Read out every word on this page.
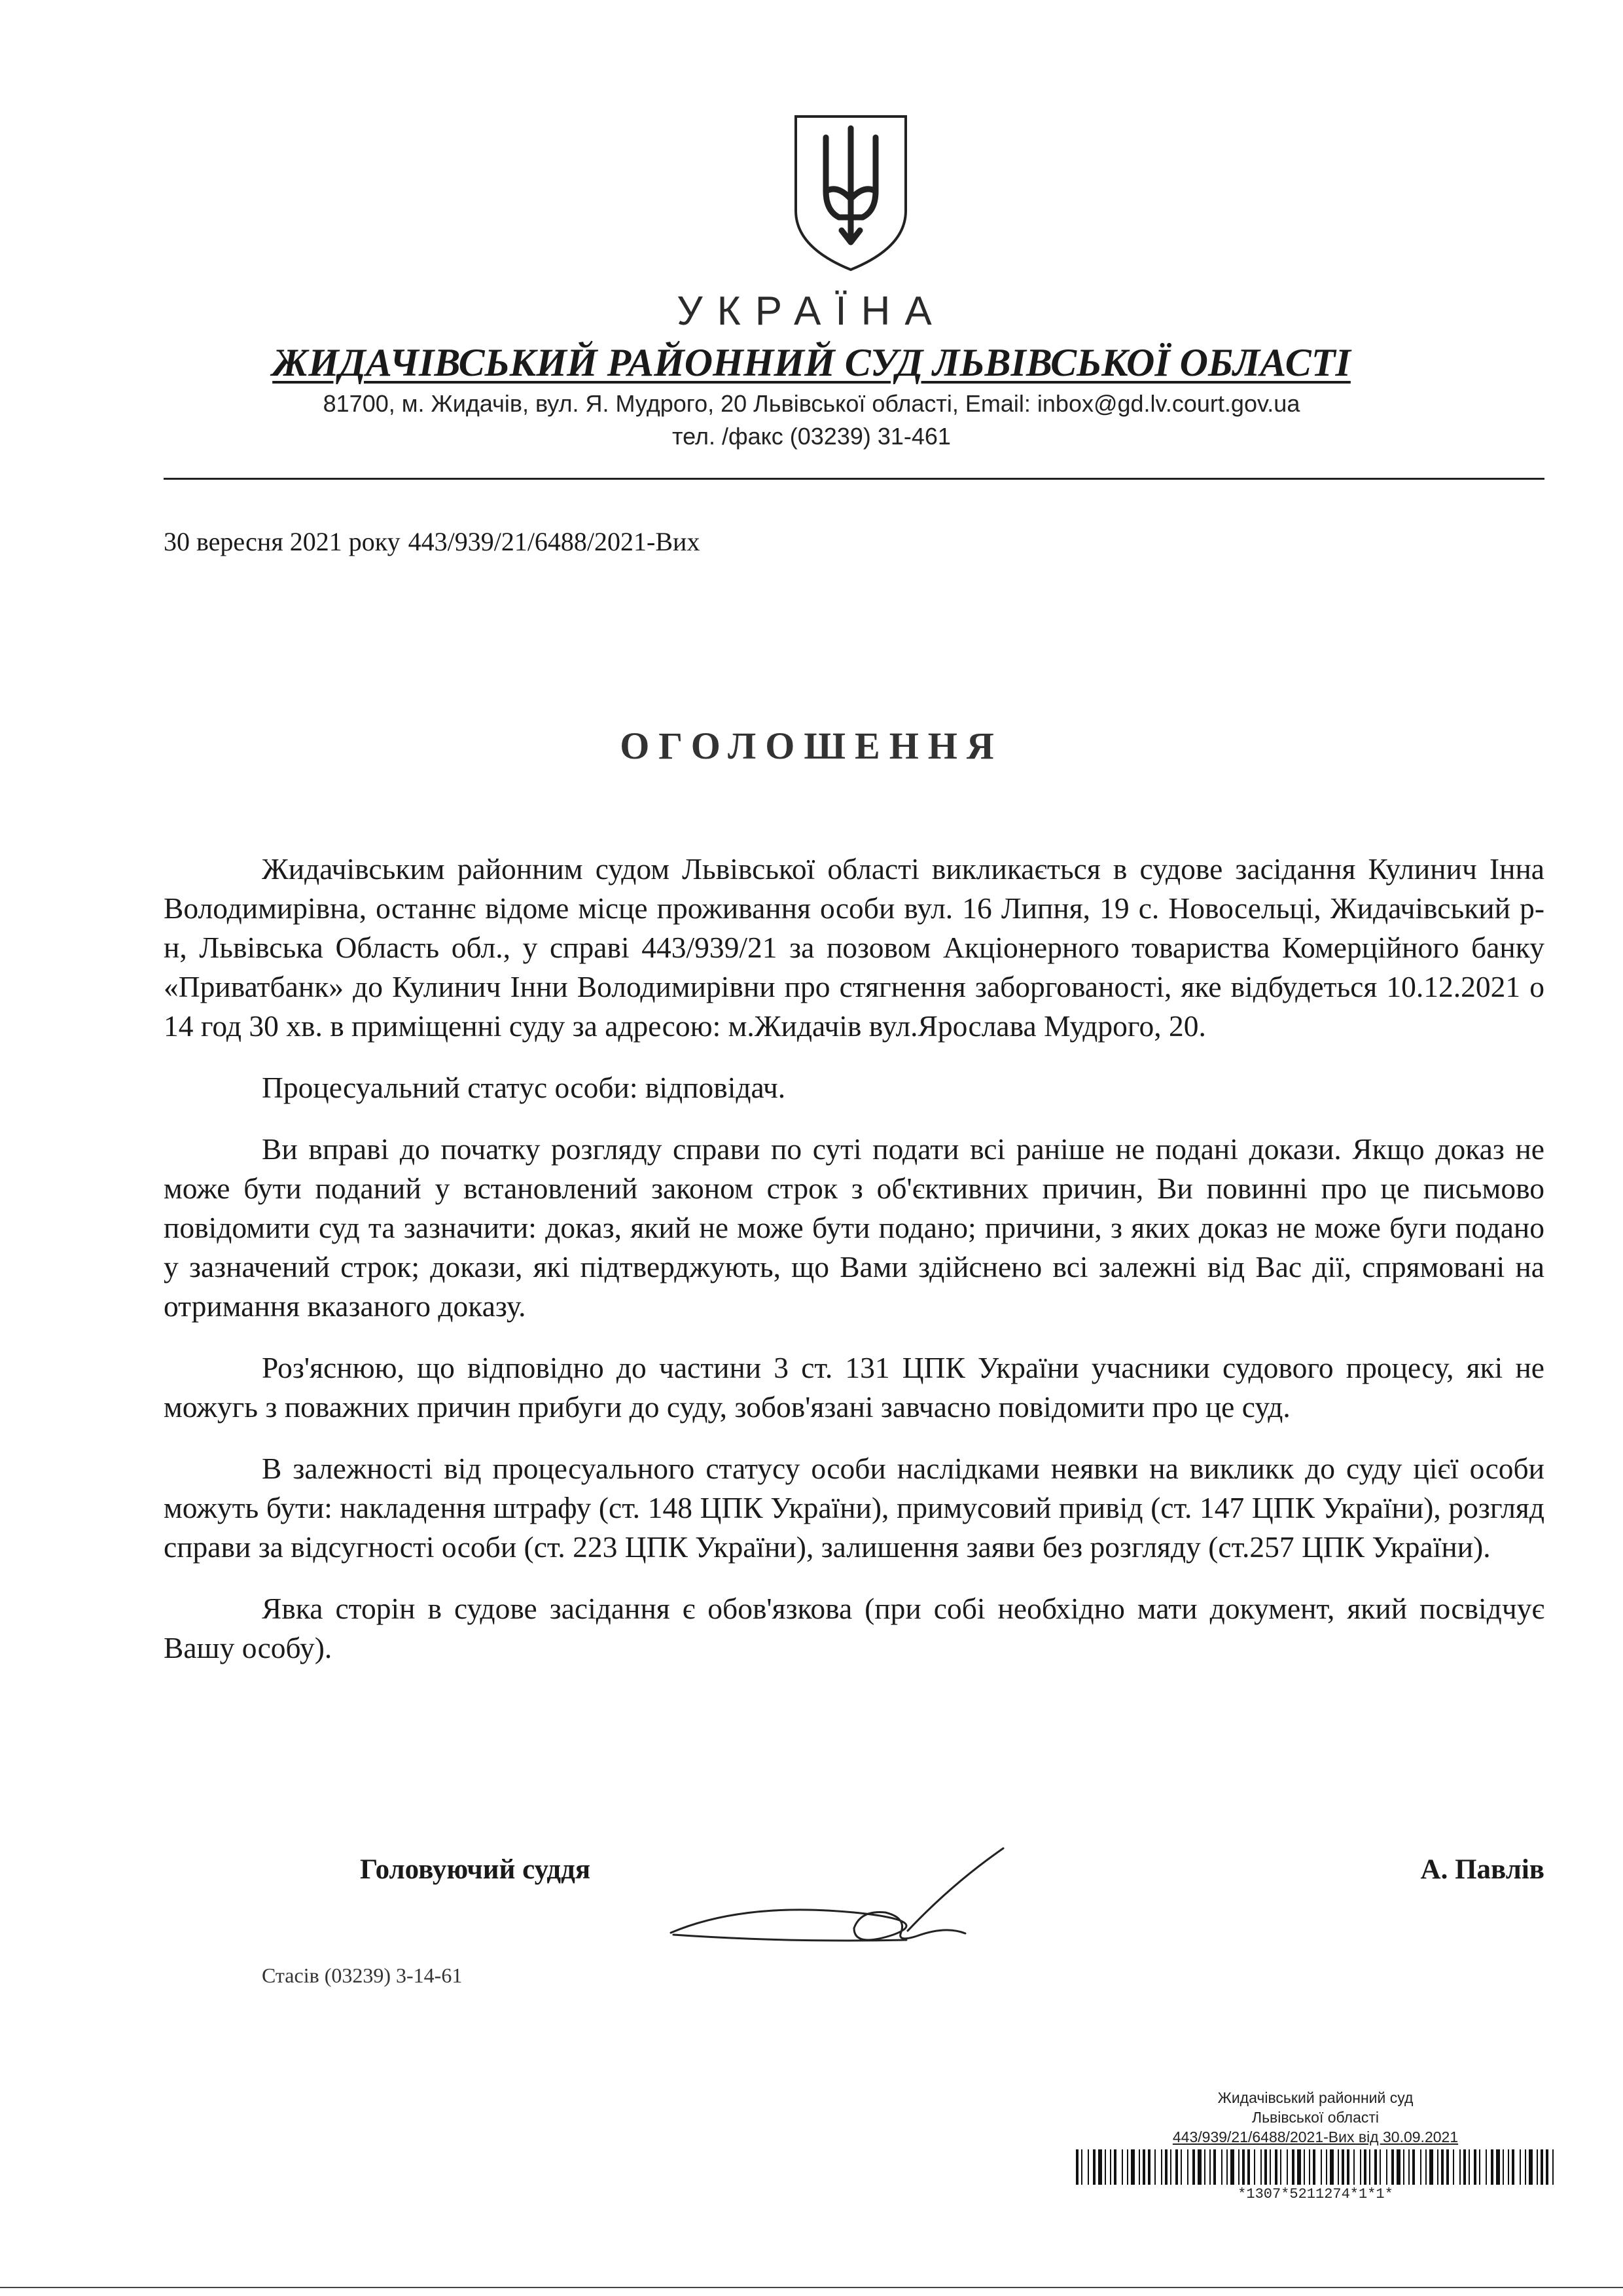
УКРАЇНА
ЖИДАЧІВСЬКИЙ РАЙОННИЙ СУД ЛЬВІВСЬКОЇ ОБЛАСТІ
81700, м. Жидачів, вул. Я. Мудрого, 20 Львівської області, Email: inbox@gd.lv.court.gov.ua
тел. /факс (03239) 31-461
30 вересня 2021 року 443/939/21/6488/2021-Вих
ОГОЛОШЕННЯ

Жидачівським районним судом Львівської області викликається в судове засідання Кулинич Інна Володимирівна, останнє відоме місце проживання особи вул. 16 Липня, 19 с. Новосельці, Жидачівський р-н, Львівська Область обл., у справі 443/939/21 за позовом Акціонерного товариства Комерційного банку «Приватбанк» до Кулинич Інни Володимирівни про стягнення заборгованості, яке відбудеться 10.12.2021 о 14 год 30 хв. в приміщенні суду за адресою: м.Жидачів вул.Ярослава Мудрого, 20.

Процесуальний статус особи: відповідач.

Ви вправі до початку розгляду справи по суті подати всі раніше не подані докази. Якщо доказ не може бути поданий у встановлений законом строк з об'єктивних причин, Ви повинні про це письмово повідомити суд та зазначити: доказ, який не може бути подано; причини, з яких доказ не може буги подано у зазначений строк; докази, які підтверджують, що Вами здійснено всі залежні від Вас дії, спрямовані на отримання вказаного доказу.

Роз'яснюю, що відповідно до частини 3 ст. 131 ЦПК України учасники судового процесу, які не можугь з поважних причин прибуги до суду, зобов'язані завчасно повідомити про це суд.

В залежності від процесуального статусу особи наслідками неявки на викликк до суду цієї особи можуть бути: накладення штрафу (ст. 148 ЦПК України), примусовий привід (ст. 147 ЦПК України), розгляд справи за відсугності особи (ст. 223 ЦПК України), залишення заяви без розгляду (ст.257 ЦПК України).

Явка сторін в судове засідання є обов'язкова (при собі необхідно мати документ, який посвідчує Вашу особу).

Головуючий суддя	А. Павлів
Стасів (03239) 3-14-61
Жидачівський районний суд
Львівської області
443/939/21/6488/2021-Вих від 30.09.2021
*1307*5211274*1*1*
